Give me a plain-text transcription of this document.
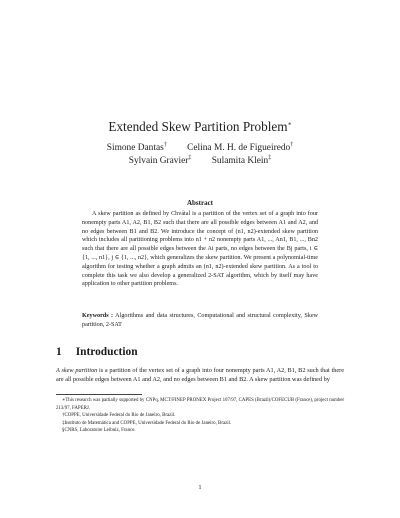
Extended Skew Partition Problem∗
Simone Dantas† Celina M. H. de Figueiredo†
Sylvain Gravier‡ Sulamita Klein‡
Abstract
A skew partition as defined by Chvátal is a partition of the vertex set of a graph into four nonempty parts A1, A2, B1, B2 such that there are all possible edges between A1 and A2, and no edges between B1 and B2. We introduce the concept of (n1, n2)-extended skew partition which includes all partitioning problems into n1 + n2 nonempty parts A1, ..., An1, B1, ..., Bn2 such that there are all possible edges between the Ai parts, no edges between the Bj parts, i ∈ {1, ..., n1}, j ∈ {1, ..., n2}, which generalizes the skew partition. We present a polynomial-time algorithm for testing whether a graph admits an (n1, n2)-extended skew partition. As a tool to complete this task we also develop a generalized 2-SAT algorithm, which by itself may have application to other partition problems.
Keywords : Algorithms and data structures, Computational and structural complexity, Skew partition, 2-SAT
1 Introduction
A skew partition is a partition of the vertex set of a graph into four nonempty parts A1, A2, B1, B2 such that there are all possible edges between A1 and A2, and no edges between B1 and B2. A skew partition was defined by
∗This research was partially supported by CNPq, MCT/FINEP PRONEX Project 107/97, CAPES (Brazil)/COFECUB (France), project number 213/97, FAPERJ.
†COPPE, Universidade Federal do Rio de Janeiro, Brazil.
‡Instituto de Matemática and COPPE, Universidade Federal do Rio de Janeiro, Brazil.
§CNRS, Laboratoire Leibniz, France.
1
